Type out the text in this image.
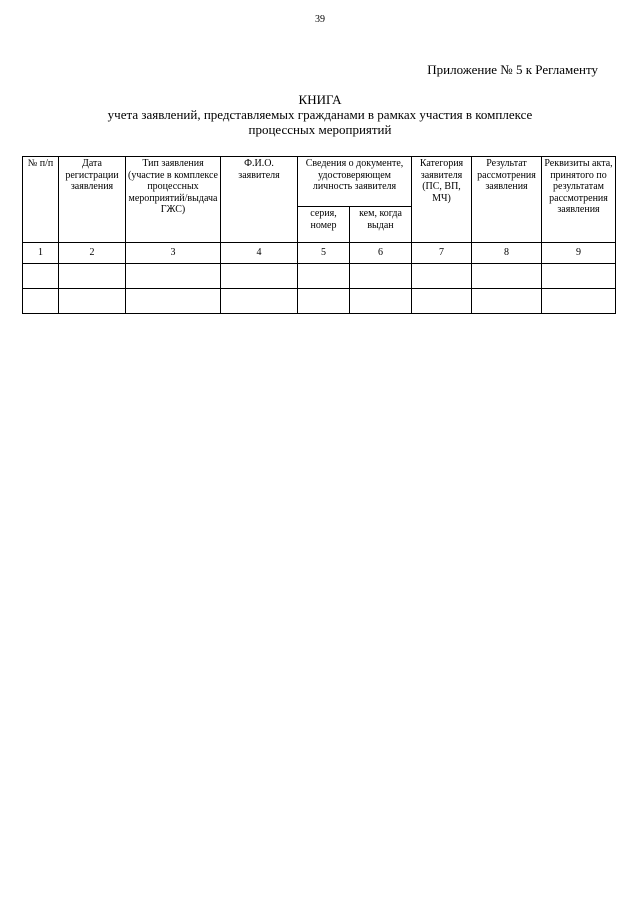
39
Приложение № 5 к Регламенту
КНИГА
учета заявлений, представляемых гражданами в рамках участия в комплексе
процессных мероприятий
№ п/п	Дата регистрации заявления	Тип заявления (участие в комплексе процессных мероприятий/выдача ГЖС)	Ф.И.О. заявителя	Сведения о документе, удостоверяющем личность заявителя		Категория заявителя (ПС, ВП, МЧ)	Результат рассмотрения заявления	Реквизиты акта, принятого по результатам рассмотрения заявления
				серия, номер	кем, когда выдан			
1	2	3	4	5	6	7	8	9
